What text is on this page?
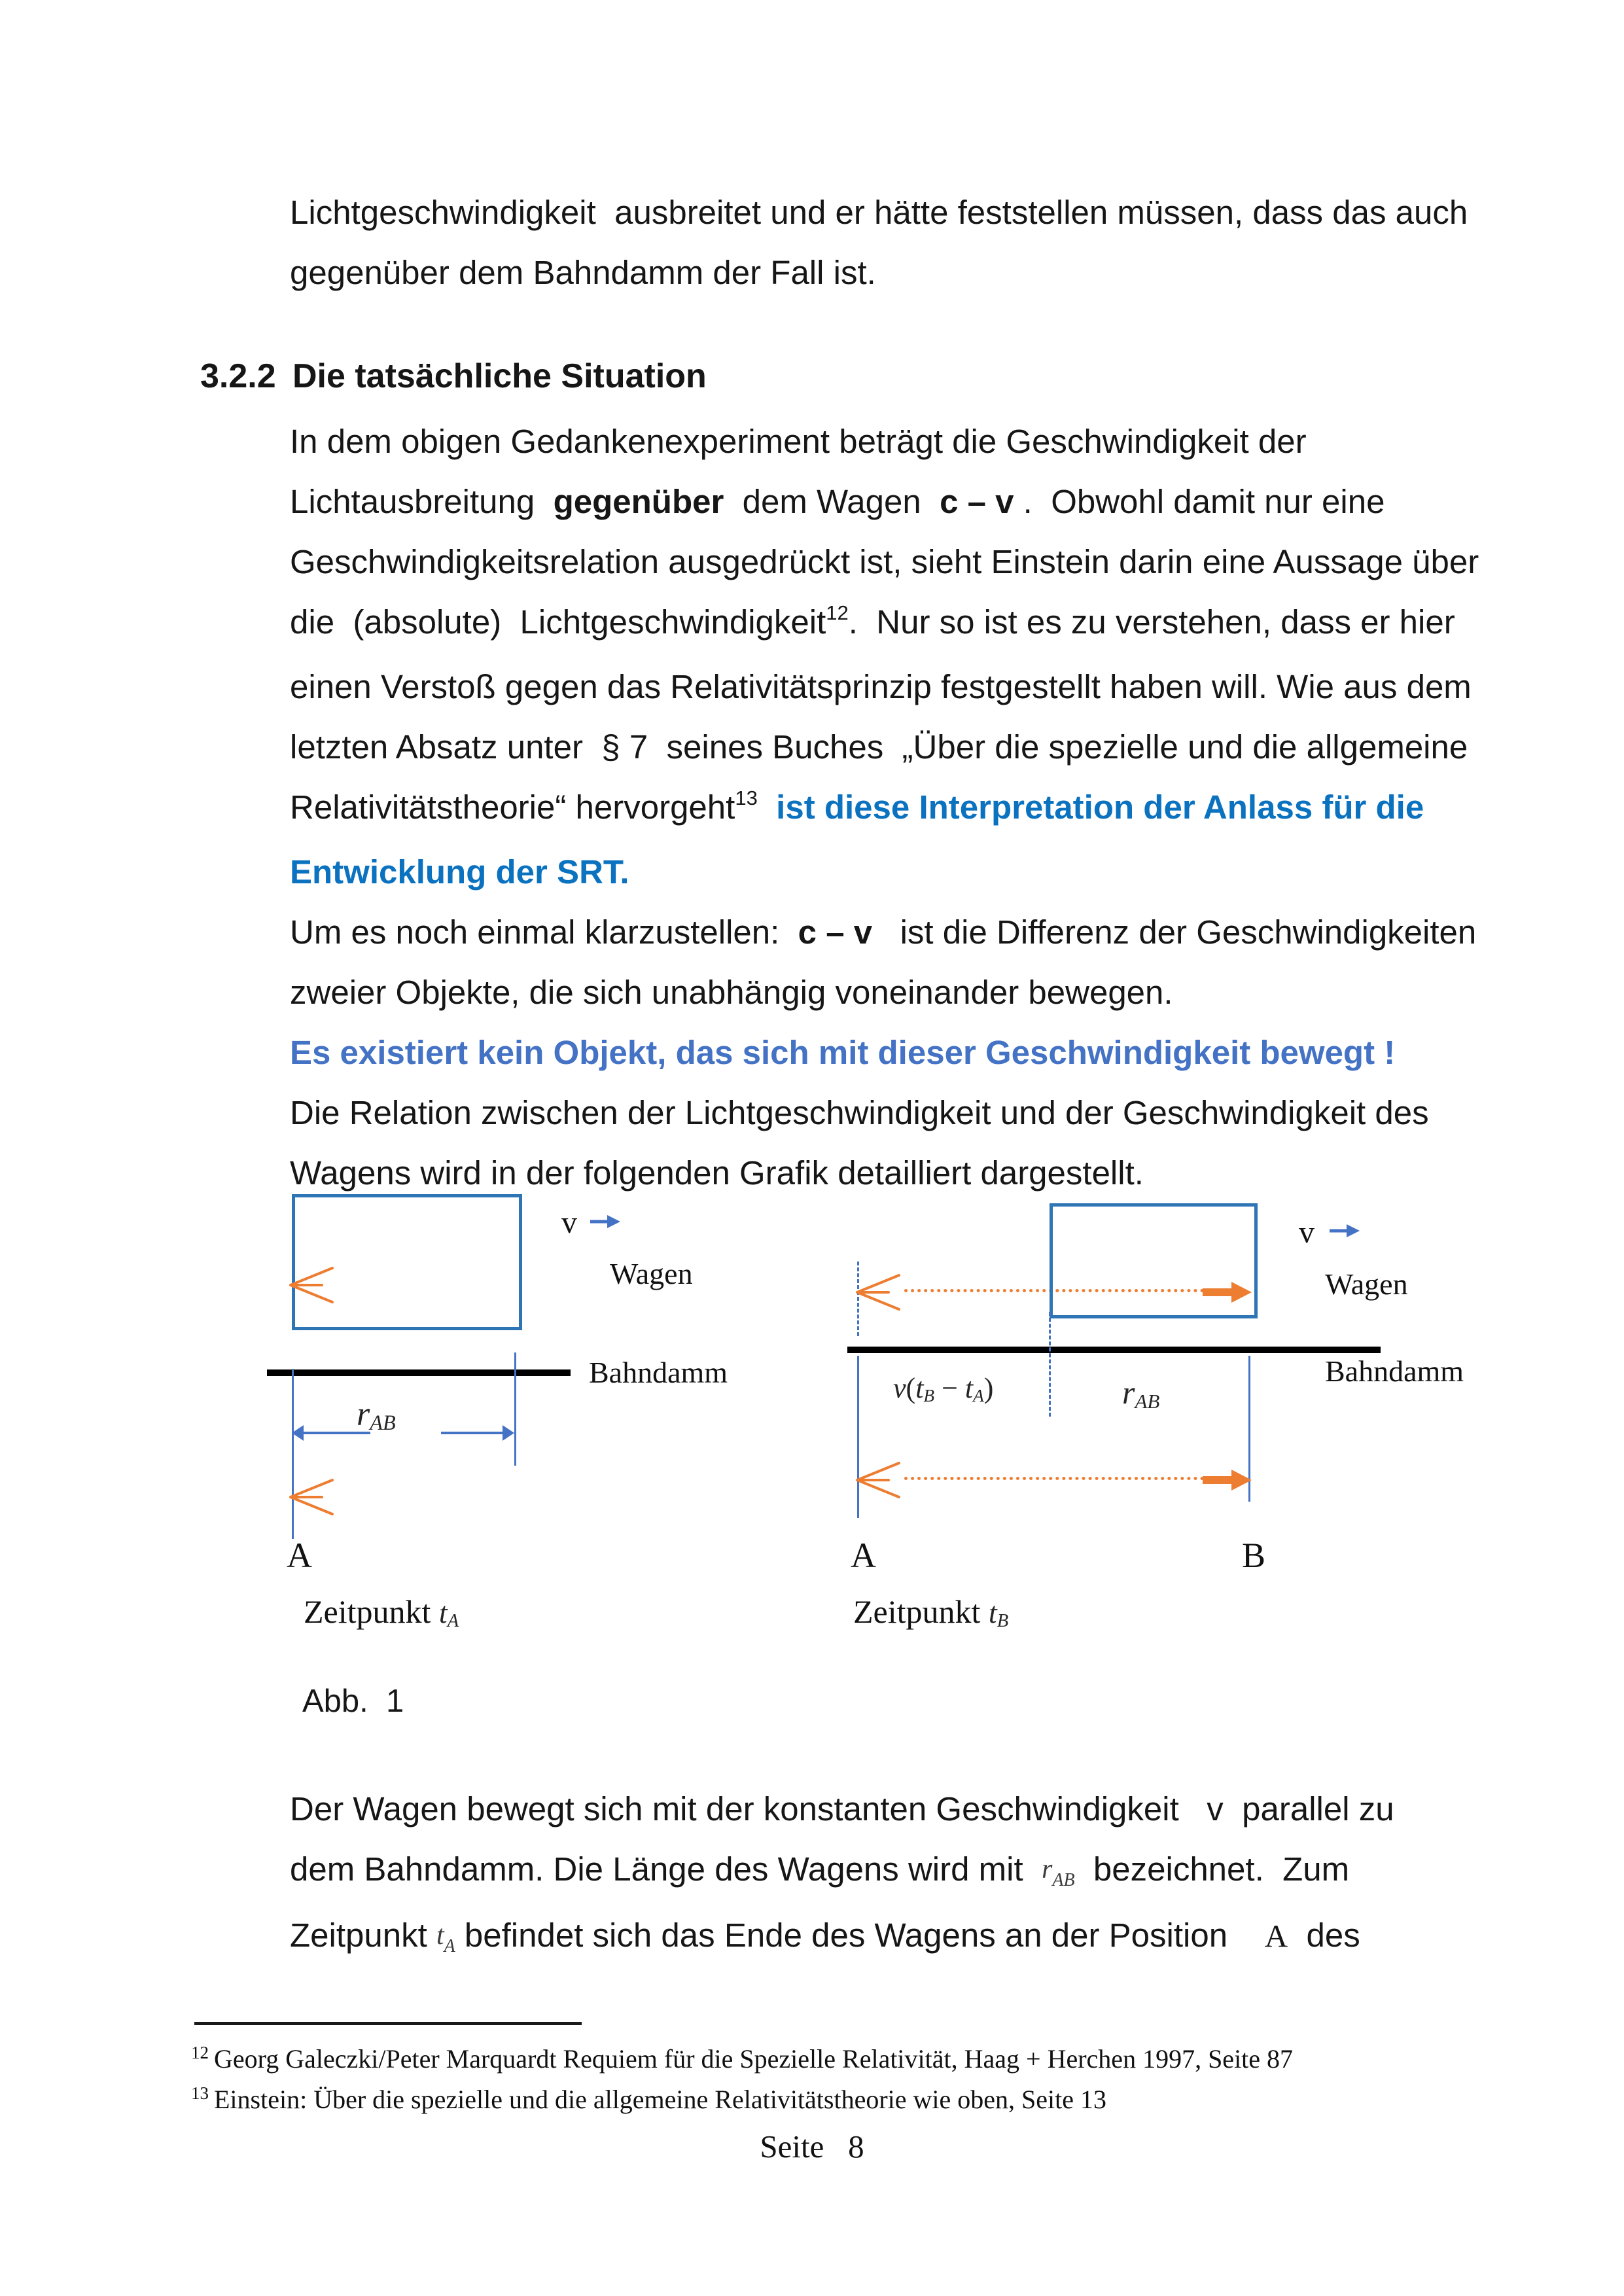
Lichtgeschwindigkeit  ausbreitet und er hätte feststellen müssen, dass das auch
gegenüber dem Bahndamm der Fall ist.
3.2.2 Die tatsächliche Situation
In dem obigen Gedankenexperiment beträgt die Geschwindigkeit der
Lichtausbreitung  gegenüber  dem Wagen  c – v .  Obwohl damit nur eine
Geschwindigkeitsrelation ausgedrückt ist, sieht Einstein darin eine Aussage über
die  (absolute)  Lichtgeschwindigkeit$^{12}$.  Nur so ist es zu verstehen, dass er hier
einen Verstoß gegen das Relativitätsprinzip festgestellt haben will. Wie aus dem
letzten Absatz unter  § 7  seines Buches  „Über die spezielle und die allgemeine
Relativitätstheorie“ hervorgeht$^{13}$ ist diese Interpretation der Anlass für die
Entwicklung der SRT.
Um es noch einmal klarzustellen:  c – v   ist die Differenz der Geschwindigkeiten
zweier Objekte, die sich unabhängig voneinander bewegen.
Es existiert kein Objekt, das sich mit dieser Geschwindigkeit bewegt !
Die Relation zwischen der Lichtgeschwindigkeit und der Geschwindigkeit des
Wagens wird in der folgenden Grafik detailliert dargestellt.
v
Wagen
Bahndamm
rAB
A
Zeitpunkt tA
v
Wagen
Bahndamm
v(tB − tA)	rAB
A	B
Zeitpunkt tB
Abb.  1
Der Wagen bewegt sich mit der konstanten Geschwindigkeit   v  parallel zu
dem Bahndamm. Die Länge des Wagens wird mit  rAB  bezeichnet.  Zum
Zeitpunkt tA befindet sich das Ende des Wagens an der Position    A  des
$^{12}$ Georg Galeczki/Peter Marquardt Requiem für die Spezielle Relativität, Haag + Herchen 1997, Seite 87
$^{13}$ Einstein: Über die spezielle und die allgemeine Relativitätstheorie wie oben, Seite 13
Seite   8
